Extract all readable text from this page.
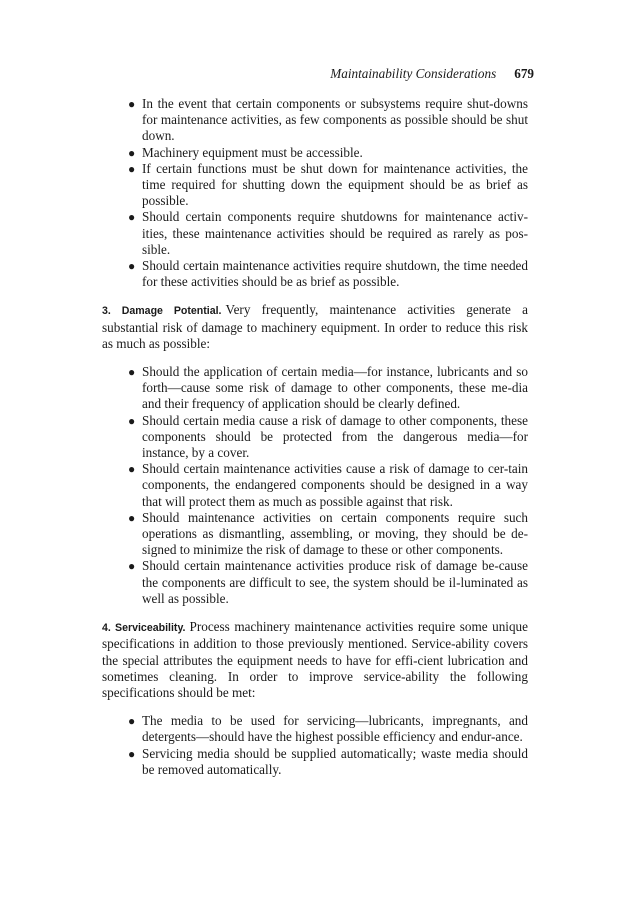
Maintainability Considerations 679
● In the event that certain components or subsystems require shut-downs for maintenance activities, as few components as possible should be shut down.
● Machinery equipment must be accessible.
● If certain functions must be shut down for maintenance activities, the time required for shutting down the equipment should be as brief as possible.
● Should certain components require shutdowns for maintenance activ-ities, these maintenance activities should be required as rarely as pos-sible.
● Should certain maintenance activities require shutdown, the time needed for these activities should be as brief as possible.

3. Damage Potential. Very frequently, maintenance activities generate a substantial risk of damage to machinery equipment. In order to reduce this risk as much as possible:

● Should the application of certain media—for instance, lubricants and so forth—cause some risk of damage to other components, these me-dia and their frequency of application should be clearly defined.
● Should certain media cause a risk of damage to other components, these components should be protected from the dangerous media—for instance, by a cover.
● Should certain maintenance activities cause a risk of damage to cer-tain components, the endangered components should be designed in a way that will protect them as much as possible against that risk.
● Should maintenance activities on certain components require such operations as dismantling, assembling, or moving, they should be de-signed to minimize the risk of damage to these or other components.
● Should certain maintenance activities produce risk of damage be-cause the components are difficult to see, the system should be il-luminated as well as possible.

4. Serviceability. Process machinery maintenance activities require some unique specifications in addition to those previously mentioned. Service-ability covers the special attributes the equipment needs to have for effi-cient lubrication and sometimes cleaning. In order to improve service-ability the following specifications should be met:

● The media to be used for servicing—lubricants, impregnants, and detergents—should have the highest possible efficiency and endur-ance.
● Servicing media should be supplied automatically; waste media should be removed automatically.
